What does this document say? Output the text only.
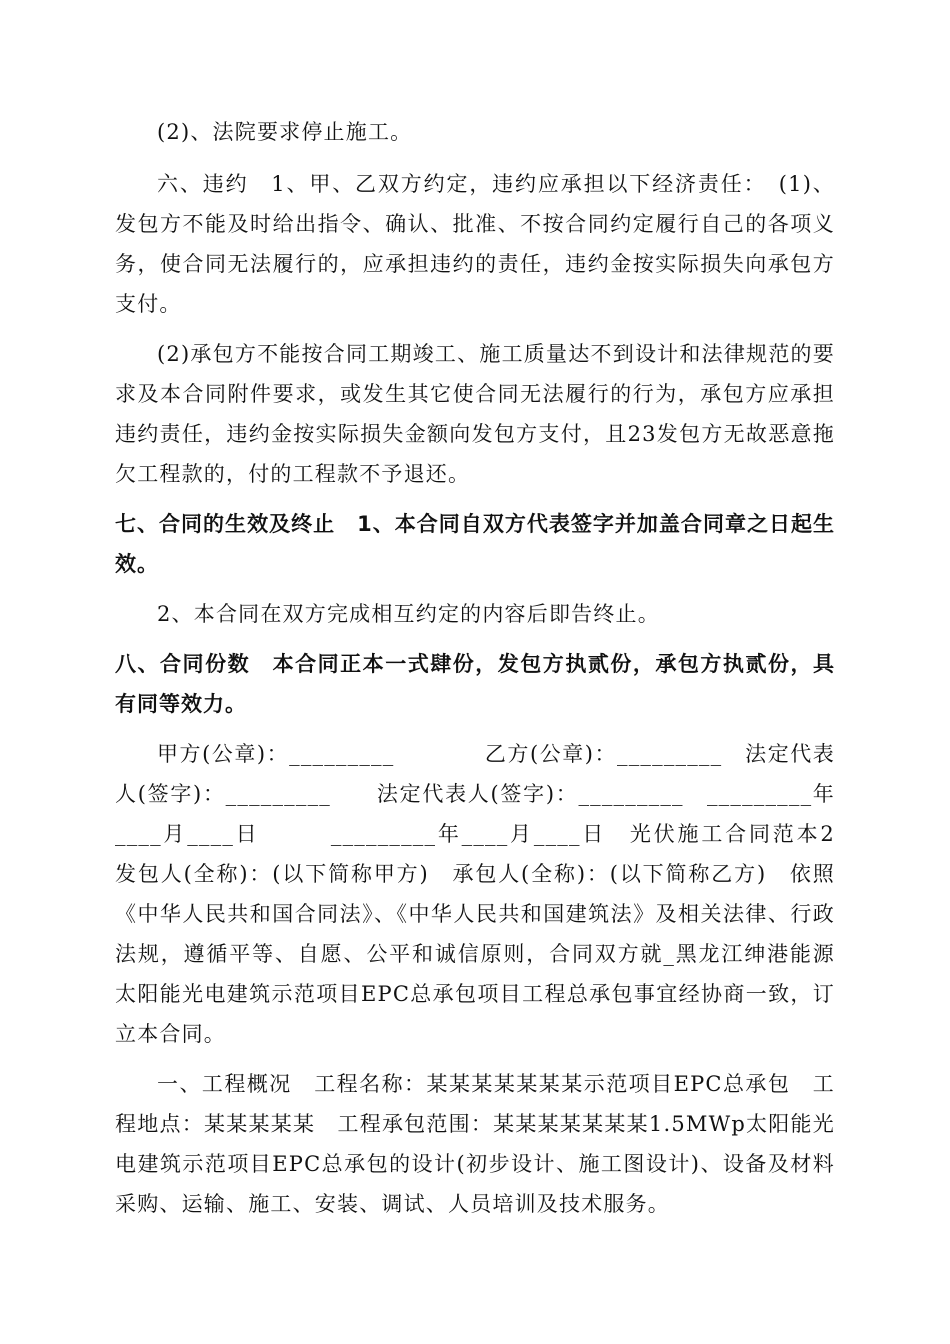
(2)、法院要求停止施工。

六、违约　1、甲、乙双方约定，违约应承担以下经济责任：　(1)、发包方不能及时给出指令、确认、批准、不按合同约定履行自己的各项义务，使合同无法履行的，应承担违约的责任，违约金按实际损失向承包方支付。

(2)承包方不能按合同工期竣工、施工质量达不到设计和法律规范的要求及本合同附件要求，或发生其它使合同无法履行的行为，承包方应承担违约责任，违约金按实际损失金额向发包方支付，且23发包方无故恶意拖欠工程款的，付的工程款不予退还。

七、合同的生效及终止　1、本合同自双方代表签字并加盖合同章之日起生效。

2、本合同在双方完成相互约定的内容后即告终止。

八、合同份数　本合同正本一式肆份，发包方执贰份，承包方执贰份，具有同等效力。

甲方(公章)：_________　　　　乙方(公章)：_________　法定代表人(签字)：_________　　法定代表人(签字)：_________　_________年____月____日　　　_________年____月____日　光伏施工合同范本2　发包人(全称)：(以下简称甲方)　承包人(全称)：(以下简称乙方)　依照《中华人民共和国合同法》、《中华人民共和国建筑法》及相关法律、行政法规，遵循平等、自愿、公平和诚信原则，合同双方就_黑龙江绅港能源太阳能光电建筑示范项目EPC总承包项目工程总承包事宜经协商一致，订立本合同。

一、工程概况　工程名称：某某某某某某某示范项目EPC总承包　工程地点：某某某某某　工程承包范围：某某某某某某某1.5MWp太阳能光电建筑示范项目EPC总承包的设计(初步设计、施工图设计)、设备及材料采购、运输、施工、安装、调试、人员培训及技术服务。
